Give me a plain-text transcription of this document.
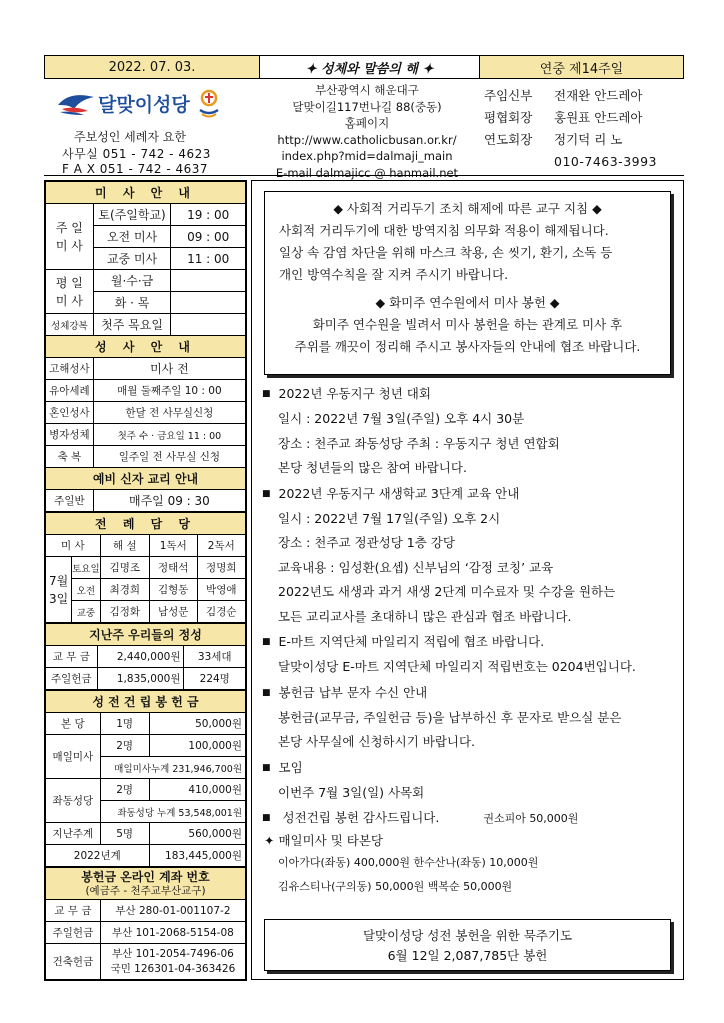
2022. 07. 03.	✦ 성체와 말씀의 해 ✦	연중 제14주일
달맞이성당
주보성인 세례자 요한
사무실 051 - 742 - 4623
F A X 051 - 742 - 4637
부산광역시 해운대구
달맞이길117번나길 88(중동)
홈페이지
http://www.catholicbusan.or.kr/
index.php?mid=dalmaji_main
E-mail dalmajicc @ hanmail.net
주임신부	전재완 안드레아
평협회장	홍원표 안드레아
연도회장	정기덕 리 노
010-7463-3993
미 사 안 내		
주 일
미 사	토(주일학교)	19 : 00
	오전 미사	09 : 00
	교중 미사	11 : 00
평 일
미 사	월·수·금	
	화 · 목	
성체강복	첫주 목요일	
성 사 안 내		
고해성사	미사 전	
유아세례	매월 둘째주일 10 : 00	
혼인성사	한달 전 사무실신청	
병자성체	첫주 수 · 금요일 11 : 00	
축 복	일주일 전 사무실 신청	
예비 신자 교리 안내		
주일반	매주일 09 : 30	
전 례 담 당				
미 사		해 설	1독서	2독서
7월
3일	토요일	김명조	정태석	정명희
	오전	최경희	김형동	박영애
	교중	김정화	남성문	김경순
지난주 우리들의 정성		
교 무 금	2,440,000원	33세대
주일헌금	1,835,000원	224명
성 전 건 립 봉 헌 금		
본 당	1명	50,000원
매일미사	2명	100,000원
	매일미사누계 231,946,700원	
좌동성당	2명	410,000원
	좌동성당 누계 53,548,001원	
지난주계	5명	560,000원
2022년계		183,445,000원
봉헌금 온라인 계좌 번호
(예금주 - 천주교부산교구)	

교 무 금	부산 280-01-001107-2
주일헌금	부산 101-2068-5154-08
건축헌금	부산 101-2054-7496-06
국민 126301-04-363426

◆ 사회적 거리두기 조치 해제에 따른 교구 지침 ◆

사회적 거리두기에 대한 방역지침 의무화 적용이 해제됩니다.

일상 속 감염 차단을 위해 마스크 착용, 손 씻기, 환기, 소독 등

개인 방역수칙을 잘 지켜 주시기 바랍니다.

◆ 화미주 연수원에서 미사 봉헌 ◆

화미주 연수원을 빌려서 미사 봉헌을 하는 관계로 미사 후

주위를 깨끗이 정리해 주시고 봉사자들의 안내에 협조 바랍니다.

■ 2022년 우동지구 청년 대회
일시 : 2022년 7월 3일(주일) 오후 4시 30분
장소 : 천주교 좌동성당 주최 : 우동지구 청년 연합회
본당 청년들의 많은 참여 바랍니다.
■ 2022년 우동지구 새생학교 3단계 교육 안내
일시 : 2022년 7월 17일(주일) 오후 2시
장소 : 천주교 정관성당 1층 강당
교육내용 : 임성환(요셉) 신부님의 ‘감정 코칭’ 교육
2022년도 새생과 과거 새생 2단계 미수료자 및 수강을 원하는
모든 교리교사를 초대하니 많은 관심과 협조 바랍니다.
■ E-마트 지역단체 마일리지 적립에 협조 바랍니다.
달맞이성당 E-마트 지역단체 마일리지 적립번호는 0204번입니다.
■ 봉헌금 납부 문자 수신 안내
봉헌금(교무금, 주일헌금 등)을 납부하신 후 문자로 받으실 분은
본당 사무실에 신청하시기 바랍니다.
■ 모임
이번주 7월 3일(일) 사목회
■ 성전건립 봉헌 감사드립니다.	권소피아 50,000원
✦ 매일미사 및 타본당
이아가다(좌동) 400,000원 한수산나(좌동) 10,000원
김유스티나(구의동) 50,000원 백복순 50,000원
달맞이성당 성전 봉헌을 위한 묵주기도
6월 12일 2,087,785단 봉헌
